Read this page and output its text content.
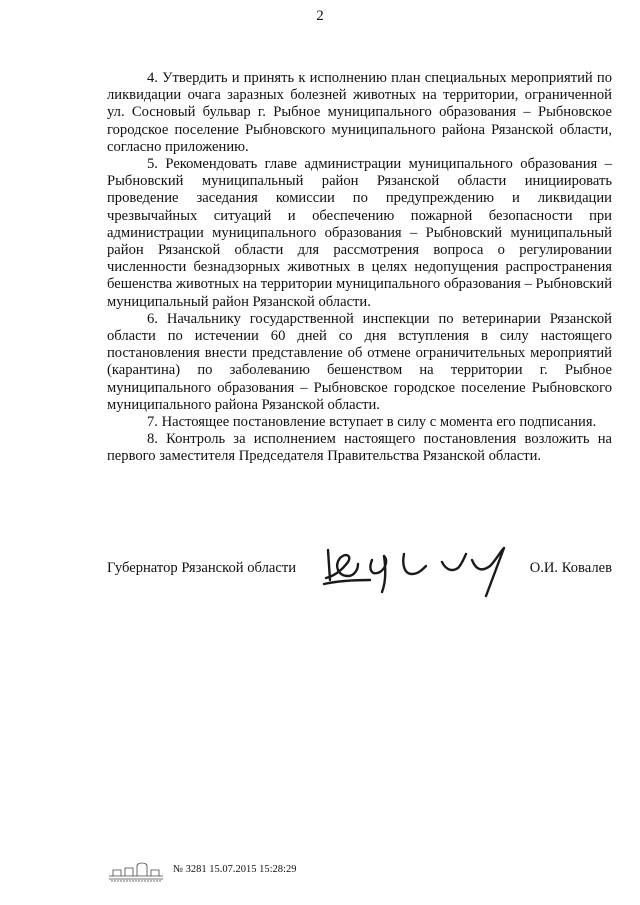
2

4. Утвердить и принять к исполнению план специальных мероприятий по ликвидации очага заразных болезней животных на территории, ограниченной ул. Сосновый бульвар г. Рыбное муниципального образования – Рыбновское городское поселение Рыбновского муниципального района Рязанской области, согласно приложению.

5. Рекомендовать главе администрации муниципального образования – Рыбновский муниципальный район Рязанской области инициировать проведение заседания комиссии по предупреждению и ликвидации чрезвычайных ситуаций и обеспечению пожарной безопасности при администрации муниципального образования – Рыбновский муниципальный район Рязанской области для рассмотрения вопроса о регулировании численности безнадзорных животных в целях недопущения распространения бешенства животных на территории муниципального образования – Рыбновский муниципальный район Рязанской области.

6. Начальнику государственной инспекции по ветеринарии Рязанской области по истечении 60 дней со дня вступления в силу настоящего постановления внести представление об отмене ограничительных мероприятий (карантина) по заболеванию бешенством на территории г. Рыбное муниципального образования – Рыбновское городское поселение Рыбновского муниципального района Рязанской области.

7. Настоящее постановление вступает в силу с момента его подписания.

8. Контроль за исполнением настоящего постановления возложить на первого заместителя Председателя Правительства Рязанской области.

Губернатор Рязанской области	О.И. Ковалев
№ 3281 15.07.2015 15:28:29
